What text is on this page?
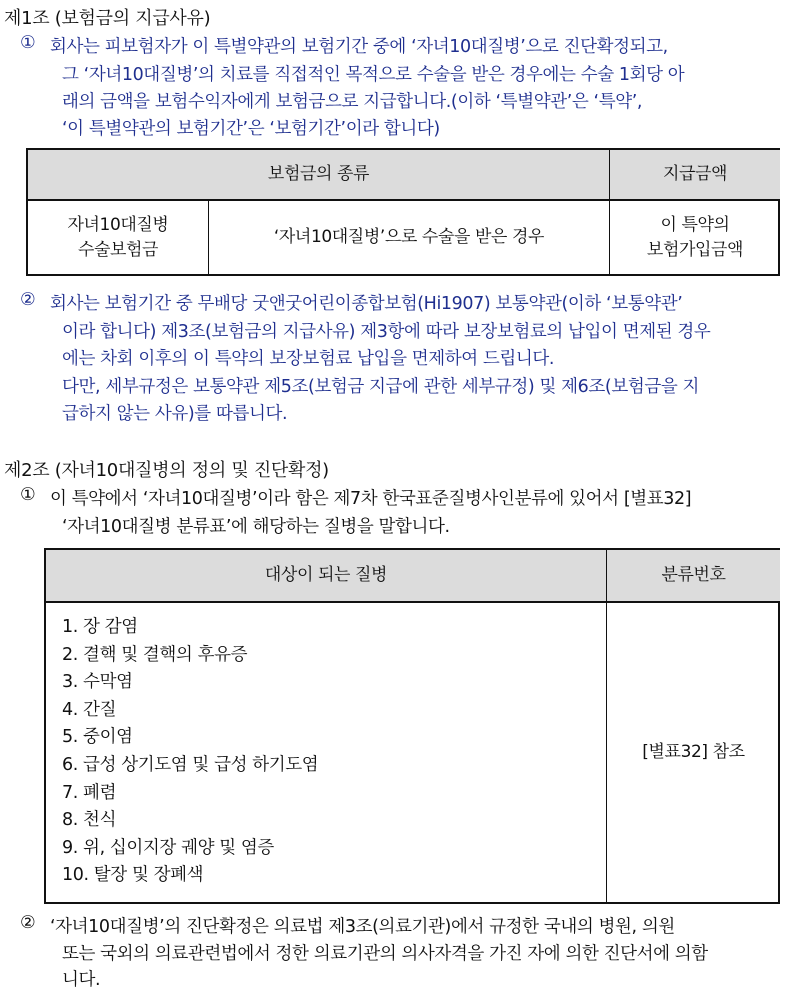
제1조 (보험금의 지급사유)
① 회사는 피보험자가 이 특별약관의 보험기간 중에 ‘자녀10대질병’으로 진단확정되고,
그 ‘자녀10대질병’의 치료를 직접적인 목적으로 수술을 받은 경우에는 수술 1회당 아
래의 금액을 보험수익자에게 보험금으로 지급합니다.(이하 ‘특별약관’은 ‘특약’,
‘이 특별약관의 보험기간’은 ‘보험기간’이라 합니다)
보험금의 종류	지급금액
자녀10대질병
수술보험금
‘자녀10대질병’으로 수술을 받은 경우
이 특약의
보험가입금액
② 회사는 보험기간 중 무배당 굿앤굿어린이종합보험(Hi1907) 보통약관(이하 ‘보통약관’
이라 합니다) 제3조(보험금의 지급사유) 제3항에 따라 보장보험료의 납입이 면제된 경우
에는 차회 이후의 이 특약의 보장보험료 납입을 면제하여 드립니다.
다만, 세부규정은 보통약관 제5조(보험금 지급에 관한 세부규정) 및 제6조(보험금을 지
급하지 않는 사유)를 따릅니다.
제2조 (자녀10대질병의 정의 및 진단확정)
① 이 특약에서 ‘자녀10대질병’이라 함은 제7차 한국표준질병사인분류에 있어서 [별표32]
‘자녀10대질병 분류표’에 해당하는 질병을 말합니다.
대상이 되는 질병	분류번호
[별표32] 참조
1. 장 감염
2. 결핵 및 결핵의 후유증
3. 수막염
4. 간질
5. 중이염
6. 급성 상기도염 및 급성 하기도염
7. 폐렴
8. 천식
9. 위, 십이지장 궤양 및 염증
10. 탈장 및 장폐색
② ‘자녀10대질병’의 진단확정은 의료법 제3조(의료기관)에서 규정한 국내의 병원, 의원
또는 국외의 의료관련법에서 정한 의료기관의 의사자격을 가진 자에 의한 진단서에 의함
니다.
